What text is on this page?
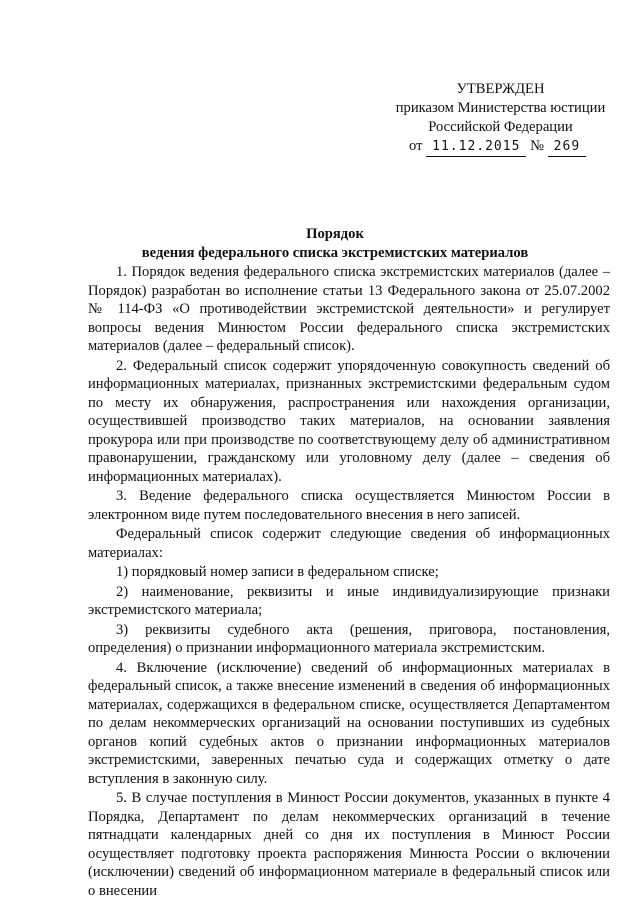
УТВЕРЖДЕН
приказом Министерства юстиции
Российской Федерации
от 11.12.2015 № 269
Порядок
ведения федерального списка экстремистских материалов

1. Порядок ведения федерального списка экстремистских материалов (далее – Порядок) разработан во исполнение статьи 13 Федерального закона от 25.07.2002 № 114-ФЗ «О противодействии экстремистской деятельности» и регулирует вопросы ведения Минюстом России федерального списка экстремистских материалов (далее – федеральный список).

2. Федеральный список содержит упорядоченную совокупность сведений об информационных материалах, признанных экстремистскими федеральным судом по месту их обнаружения, распространения или нахождения организации, осуществившей производство таких материалов, на основании заявления прокурора или при производстве по соответствующему делу об административном правонарушении, гражданскому или уголовному делу (далее – сведения об информационных материалах).

3. Ведение федерального списка осуществляется Минюстом России в электронном виде путем последовательного внесения в него записей.

Федеральный список содержит следующие сведения об информационных материалах:

1) порядковый номер записи в федеральном списке;

2) наименование, реквизиты и иные индивидуализирующие признаки экстремистского материала;

3) реквизиты судебного акта (решения, приговора, постановления, определения) о признании информационного материала экстремистским.

4. Включение (исключение) сведений об информационных материалах в федеральный список, а также внесение изменений в сведения об информационных материалах, содержащихся в федеральном списке, осуществляется Департаментом по делам некоммерческих организаций на основании поступивших из судебных органов копий судебных актов о признании информационных материалов экстремистскими, заверенных печатью суда и содержащих отметку о дате вступления в законную силу.

5. В случае поступления в Минюст России документов, указанных в пункте 4 Порядка, Департамент по делам некоммерческих организаций в течение пятнадцати календарных дней со дня их поступления в Минюст России осуществляет подготовку проекта распоряжения Минюста России о включении (исключении) сведений об информационном материале в федеральный список или о внесении
